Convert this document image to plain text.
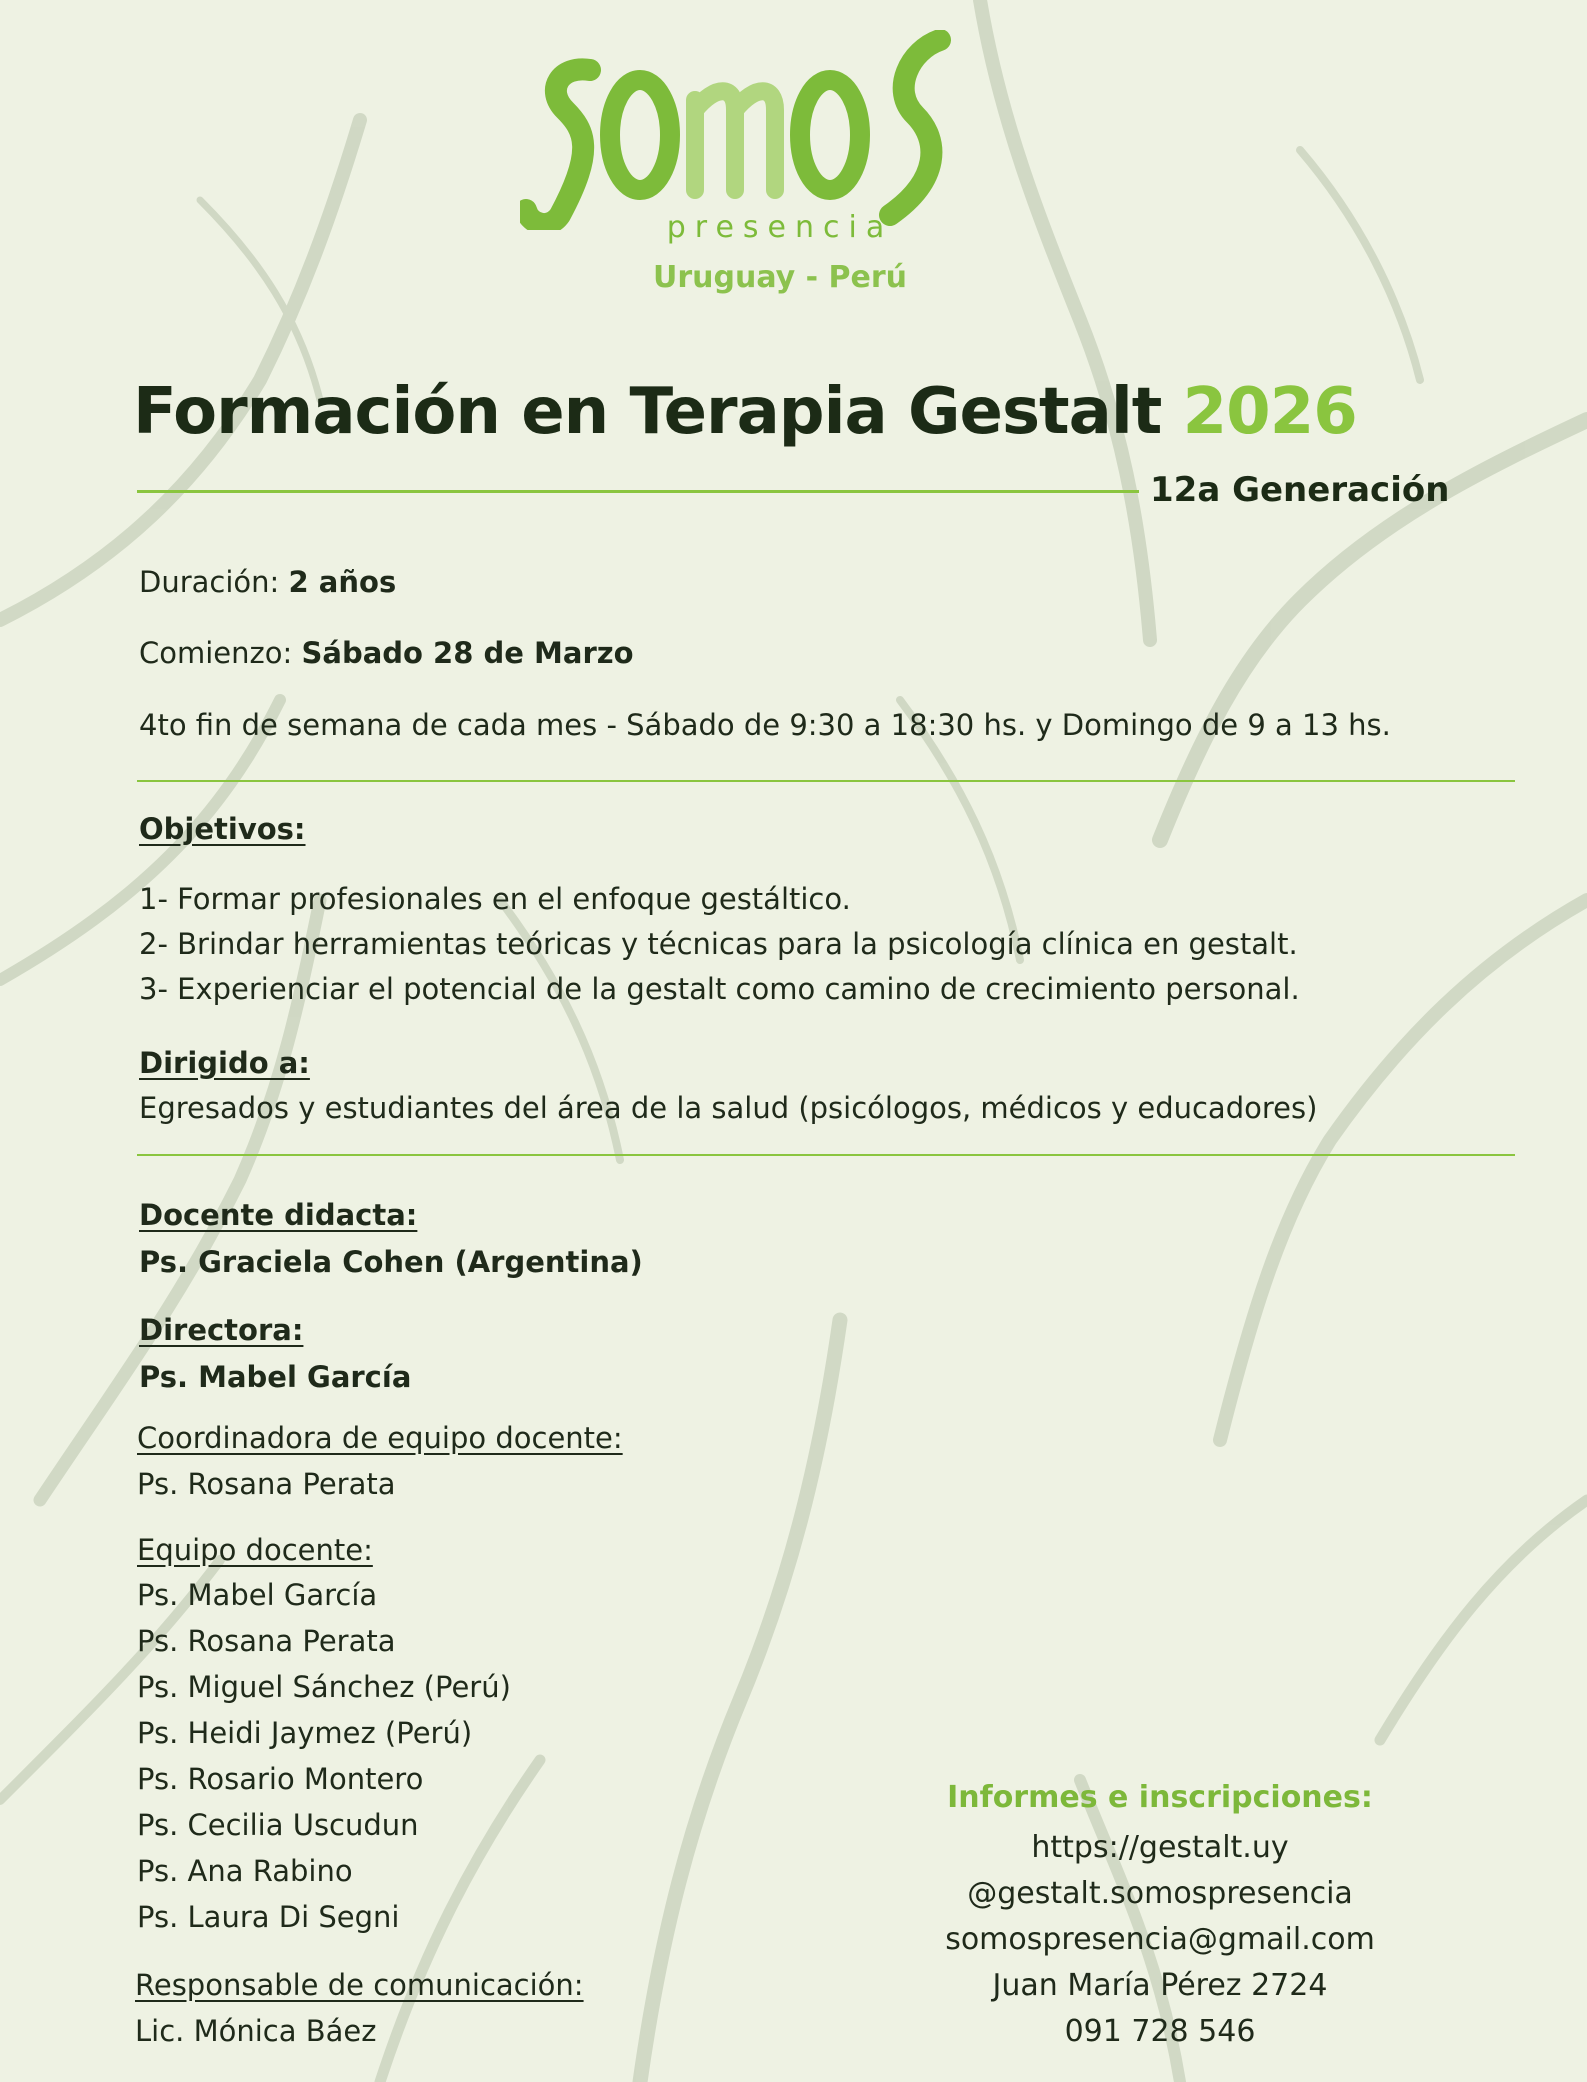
presencia
Uruguay - Perú
Formación en Terapia Gestalt 2026
12a Generación
Duración: 2 años
Comienzo: Sábado 28 de Marzo
4to fin de semana de cada mes - Sábado de 9:30 a 18:30 hs. y Domingo de 9 a 13 hs.
Objetivos:
1- Formar profesionales en el enfoque gestáltico.
2- Brindar herramientas teóricas y técnicas para la psicología clínica en gestalt.
3- Experienciar el potencial de la gestalt como camino de crecimiento personal.
Dirigido a:
Egresados y estudiantes del área de la salud (psicólogos, médicos y educadores)
Docente didacta:
Ps. Graciela Cohen (Argentina)
Directora:
Ps. Mabel García
Coordinadora de equipo docente:
Ps. Rosana Perata
Equipo docente:
Ps. Mabel García
Ps. Rosana Perata
Ps. Miguel Sánchez (Perú)
Ps. Heidi Jaymez (Perú)
Ps. Rosario Montero
Ps. Cecilia Uscudun
Ps. Ana Rabino
Ps. Laura Di Segni
Responsable de comunicación:
Lic. Mónica Báez
Informes e inscripciones:
https://gestalt.uy
@gestalt.somospresencia
somospresencia@gmail.com
Juan María Pérez 2724
091 728 546
